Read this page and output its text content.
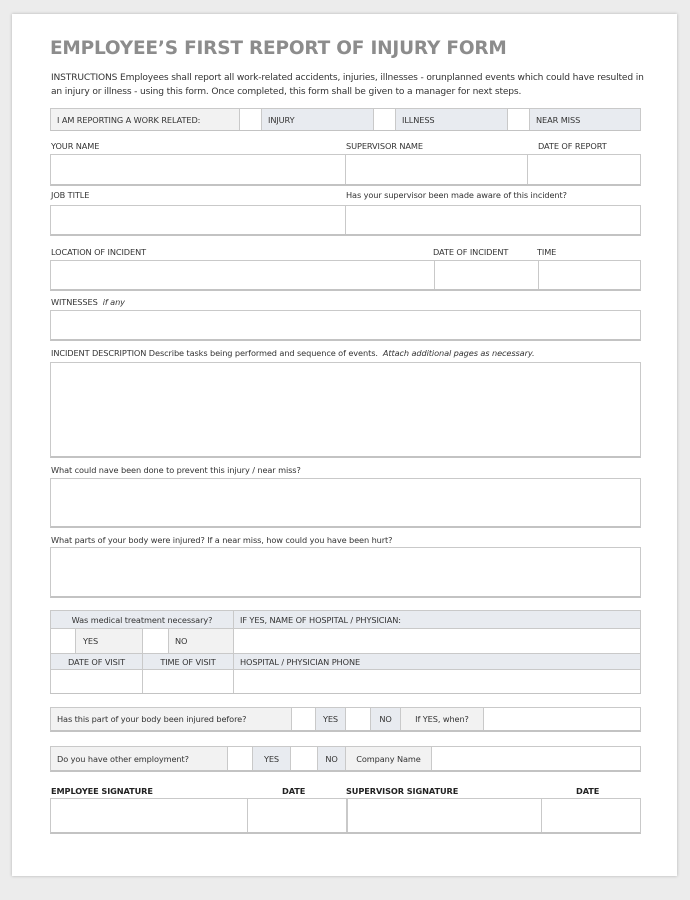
EMPLOYEE’S FIRST REPORT OF INJURY FORM
INSTRUCTIONS Employees shall report all work-related accidents, injuries, illnesses - orunplanned events which could have resulted in an injury or illness - using this form. Once completed, this form shall be given to a manager for next steps.
I AM REPORTING A WORK RELATED:	INJURY	ILLNESS	NEAR MISS
YOUR NAME	SUPERVISOR NAME	DATE OF REPORT
JOB TITLE	Has your supervisor been made aware of this incident?
LOCATION OF INCIDENT	DATE OF INCIDENT	TIME
WITNESSES if any
INCIDENT DESCRIPTION Describe tasks being performed and sequence of events. Attach additional pages as necessary.
What could nave been done to prevent this injury / near miss?
What parts of your body were injured? If a near miss, how could you have been hurt?
Was medical treatment necessary?	IF YES, NAME OF HOSPITAL / PHYSICIAN:
YES	NO
DATE OF VISIT	TIME OF VISIT	HOSPITAL / PHYSICIAN PHONE
Has this part of your body been injured before?	YES	NO	If YES, when?
Do you have other employment?	YES	NO	Company Name
EMPLOYEE SIGNATURE	DATE	SUPERVISOR SIGNATURE	DATE
